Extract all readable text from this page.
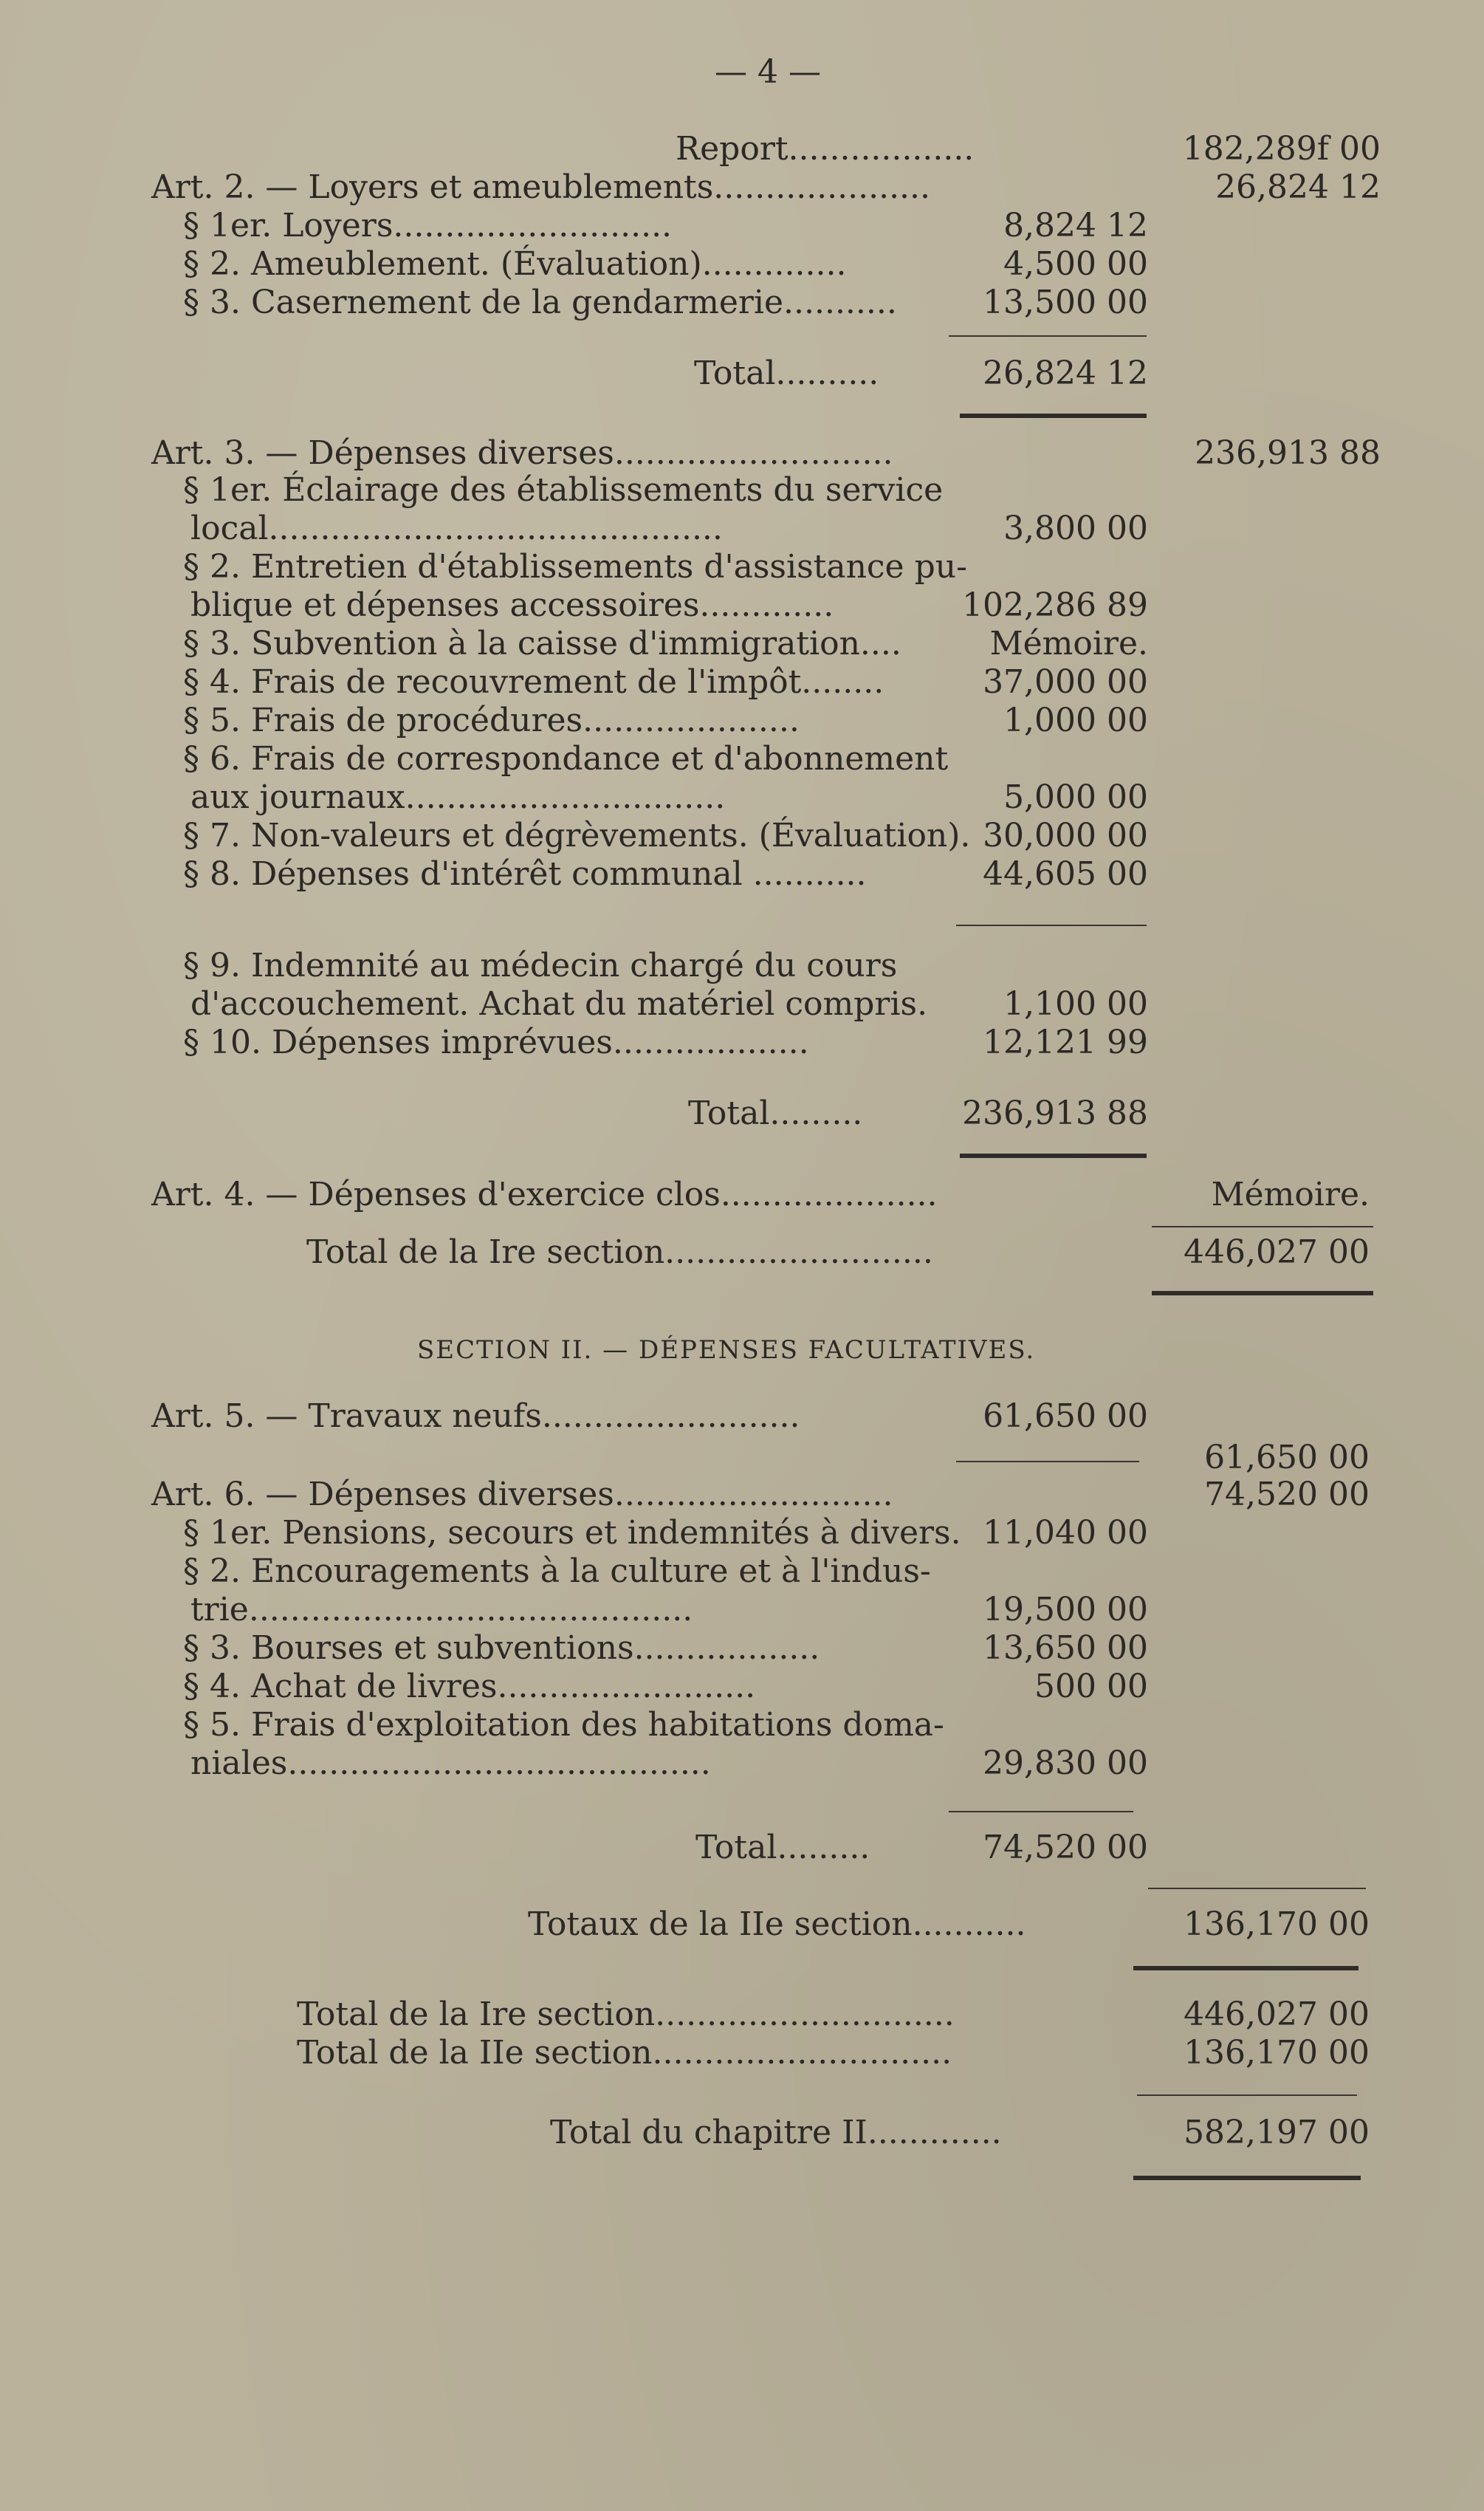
— 4 —
Report..................	182,289f 00
Art. 2. — Loyers et ameublements.....................	26,824 12
§ 1er. Loyers...........................	8,824 12
§ 2. Ameublement. (Évaluation)..............	4,500 00
§ 3. Casernement de la gendarmerie...........	13,500 00
Total..........	26,824 12
Art. 3. — Dépenses diverses...........................	236,913 88
§ 1er. Éclairage des établissements du service
local............................................	3,800 00
§ 2. Entretien d'établissements d'assistance pu-
blique et dépenses accessoires.............	102,286 89
§ 3. Subvention à la caisse d'immigration....	Mémoire.
§ 4. Frais de recouvrement de l'impôt........	37,000 00
§ 5. Frais de procédures.....................	1,000 00
§ 6. Frais de correspondance et d'abonnement
aux journaux...............................	5,000 00
§ 7. Non-valeurs et dégrèvements. (Évaluation). 30,000 00
§ 8. Dépenses d'intérêt communal ...........	44,605 00
§ 9. Indemnité au médecin chargé du cours
d'accouchement. Achat du matériel compris. 1,100 00
§ 10. Dépenses imprévues...................	12,121 99
Total.........	236,913 88
Art. 4. — Dépenses d'exercice clos.....................	Mémoire.
Total de la Ire section..........................	446,027 00
SECTION II. — DÉPENSES FACULTATIVES.
Art. 5. — Travaux neufs.........................	61,650 00
61,650 00
Art. 6. — Dépenses diverses...........................	74,520 00
§ 1er. Pensions, secours et indemnités à divers. 11,040 00
§ 2. Encouragements à la culture et à l'indus-
trie...........................................	19,500 00
§ 3. Bourses et subventions..................	13,650 00
§ 4. Achat de livres.........................	500 00
§ 5. Frais d'exploitation des habitations doma-
niales.........................................	29,830 00
Total.........	74,520 00
Totaux de la IIe section...........	136,170 00
Total de la Ire section.............................	446,027 00
Total de la IIe section.............................	136,170 00
Total du chapitre II.............	582,197 00
